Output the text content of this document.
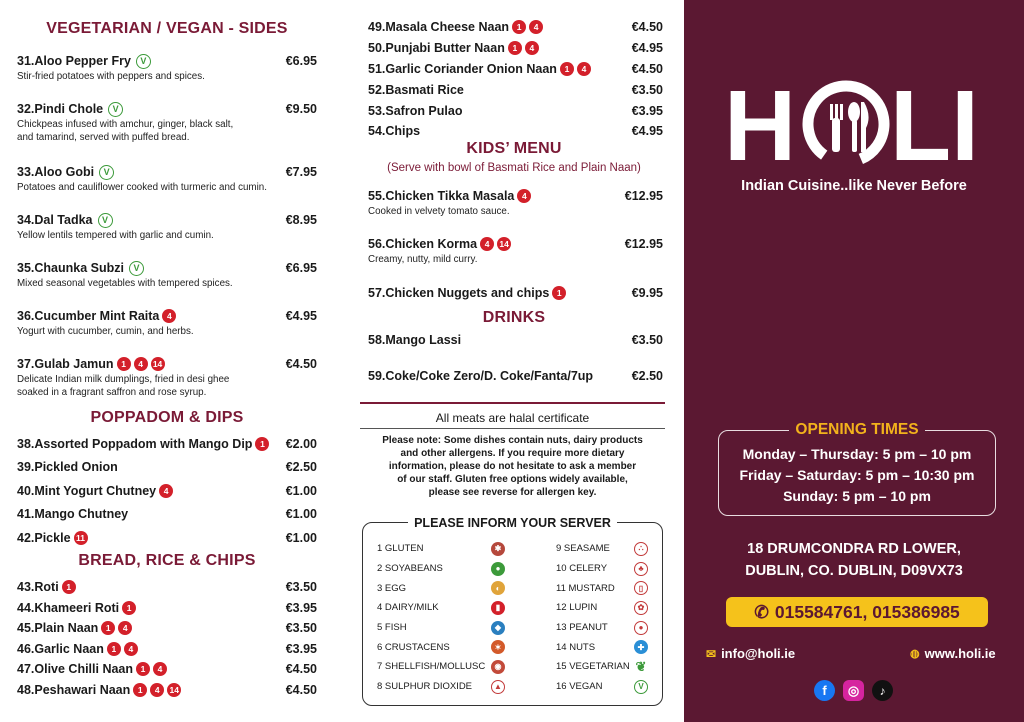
VEGETARIAN / VEGAN - SIDES
31.Aloo Pepper Fry	V	€6.95
Stir-fried potatoes with peppers and spices.
32.Pindi Chole	V	€9.50
Chickpeas infused with amchur, ginger, black salt,
and tamarind, served with puffed bread.
33.Aloo Gobi	V	€7.95
Potatoes and cauliflower cooked with turmeric and cumin.
34.Dal Tadka	V	€8.95
Yellow lentils tempered with garlic and cumin.
35.Chaunka Subzi	V	€6.95
Mixed seasonal vegetables with tempered spices.
36.Cucumber Mint Raita 4	€4.95
Yogurt with cucumber, cumin, and herbs.
37.Gulab Jamun 1	4	14	€4.50
Delicate Indian milk dumplings, fried in desi ghee
soaked in a fragrant saffron and rose syrup.
POPPADOM & DIPS
38.Assorted Poppadom with Mango Dip 1	€2.00
39.Pickled Onion	€2.50
40.Mint Yogurt Chutney 4	€1.00
41.Mango Chutney	€1.00
42.Pickle 11	€1.00
BREAD, RICE & CHIPS
43.Roti 1	€3.50
44.Khameeri Roti 1	€3.95
45.Plain Naan 1	4	€3.50
46.Garlic Naan 1	4	€3.95
47.Olive Chilli Naan 1	4	€4.50
48.Peshawari Naan 1	4	14	€4.50
49.Masala Cheese Naan 1	4	€4.50
50.Punjabi Butter Naan 1	4	€4.95
51.Garlic Coriander Onion Naan 1	4	€4.50
52.Basmati Rice	€3.50
53.Safron Pulao	€3.95
54.Chips	€4.95
KIDS’ MENU
(Serve with bowl of Basmati Rice and Plain Naan)
55.Chicken Tikka Masala 4	€12.95
Cooked in velvety tomato sauce.
56.Chicken Korma 4	14	€12.95
Creamy, nutty, mild curry.
57.Chicken Nuggets and chips 1	€9.95
DRINKS
58.Mango Lassi	€3.50
59.Coke/Coke Zero/D. Coke/Fanta/7up	€2.50
All meats are halal certificate
Please note: Some dishes contain nuts, dairy products
and other allergens. If you require more dietary
information, please do not hesitate to ask a member
of our staff. Gluten free options widely available,
please see reverse for allergen key.
PLEASE INFORM YOUR SERVER
1 GLUTEN	✱
2 SOYABEANS	●
3 EGG	◐
4 DAIRY/MILK	▮
5 FISH	◆
6 CRUSTACENS	✶
7 SHELLFISH/MOLLUSC	◉
8 SULPHUR DIOXIDE	▲
9 SEASAME	∴
10 CELERY	♣
11 MUSTARD	▯
12 LUPIN	✿
13 PEANUT	●
14 NUTS	✚
15 VEGETARIAN ❦
16 VEGAN	V
H LI
Indian Cuisine..like Never Before
OPENING TIMES
Monday – Thursday: 5 pm – 10 pm
Friday – Saturday: 5 pm – 10:30 pm
Sunday: 5 pm – 10 pm
18 DRUMCONDRA RD LOWER,
DUBLIN, CO. DUBLIN, D09VX73
✆ 015584761, 015386985
✉ info@holi.ie	◍ www.holi.ie
f	◎	♪
